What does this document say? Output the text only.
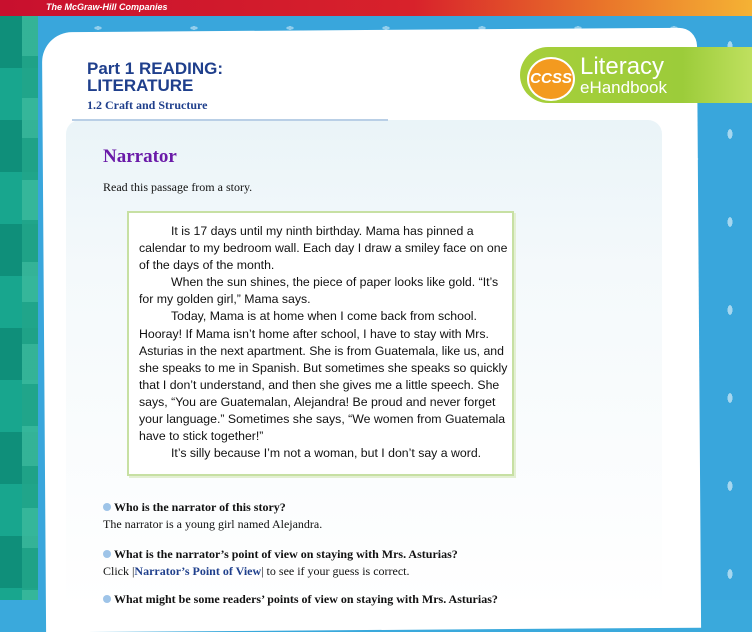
The McGraw-Hill Companies
Part 1 READING:
LITERATURE
1.2 Craft and Structure
CCSS Literacy
eHandbook
Narrator
Read this passage from a story.

It is 17 days until my ninth birthday. Mama has pinned a calendar to my bedroom wall. Each day I draw a smiley face on one of the days of the month.

When the sun shines, the piece of paper looks like gold. “It’s for my golden girl,” Mama says.

Today, Mama is at home when I come back from school. Hooray! If Mama isn’t home after school, I have to stay with Mrs. Asturias in the next apartment. She is from Guatemala, like us, and she speaks to me in Spanish. But sometimes she speaks so quickly that I don’t understand, and then she gives me a little speech. She says, “You are Guatemalan, Alejandra! Be proud and never forget your language.” Sometimes she says, “We women from Guatemala have to stick together!”

It’s silly because I’m not a woman, but I don’t say a word.

Who is the narrator of this story?
The narrator is a young girl named Alejandra.
What is the narrator’s point of view on staying with Mrs. Asturias?
Click |Narrator’s Point of View| to see if your guess is correct.
What might be some readers’ points of view on staying with Mrs. Asturias?
